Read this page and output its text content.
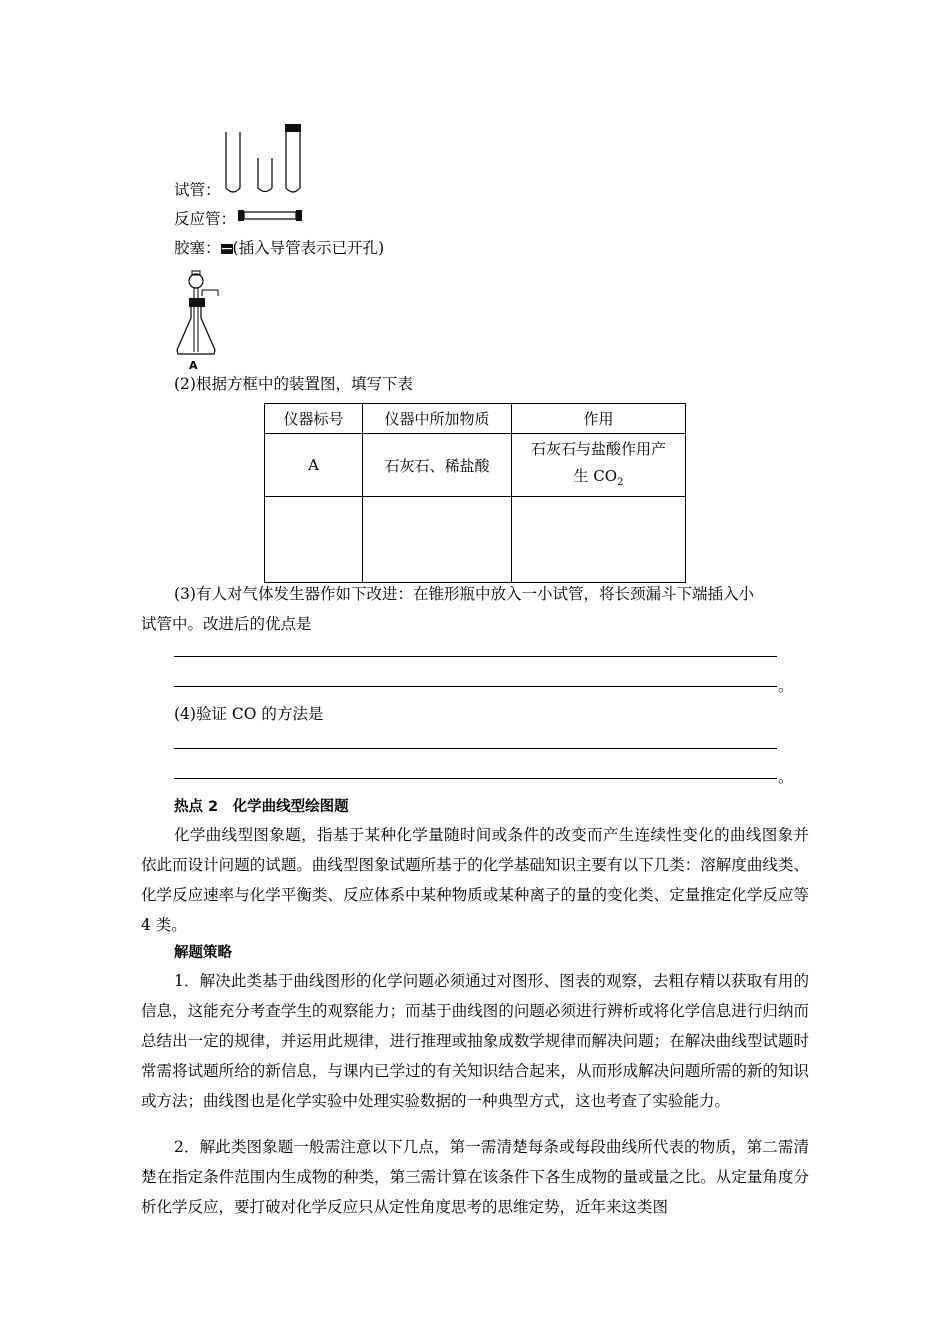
试管：
反应管：
胶塞： (插入导管表示已开孔)
A
(2)根据方框中的装置图，填写下表
仪器标号	仪器中所加物质	作用
A	石灰石、稀盐酸	石灰石与盐酸作用产
生 $CO_2$

(3)有人对气体发生器作如下改进：在锥形瓶中放入一小试管，将长颈漏斗下端插入小
试管中。改进后的优点是
。
(4)验证 CO 的方法是
。
热点 2　化学曲线型绘图题
化学曲线型图象题，指基于某种化学量随时间或条件的改变而产生连续性变化的曲线图象并依此而设计问题的试题。曲线型图象试题所基于的化学基础知识主要有以下几类：溶解度曲线类、化学反应速率与化学平衡类、反应体系中某种物质或某种离子的量的变化类、定量推定化学反应等 4 类。
解题策略
1．解决此类基于曲线图形的化学问题必须通过对图形、图表的观察，去粗存精以获取有用的信息，这能充分考查学生的观察能力；而基于曲线图的问题必须进行辨析或将化学信息进行归纳而总结出一定的规律，并运用此规律，进行推理或抽象成数学规律而解决问题；在解决曲线型试题时常需将试题所给的新信息，与课内已学过的有关知识结合起来，从而形成解决问题所需的新的知识或方法；曲线图也是化学实验中处理实验数据的一种典型方式，这也考查了实验能力。
2．解此类图象题一般需注意以下几点，第一需清楚每条或每段曲线所代表的物质，第二需清楚在指定条件范围内生成物的种类，第三需计算在该条件下各生成物的量或量之比。从定量角度分析化学反应，要打破对化学反应只从定性角度思考的思维定势，近年来这类图
